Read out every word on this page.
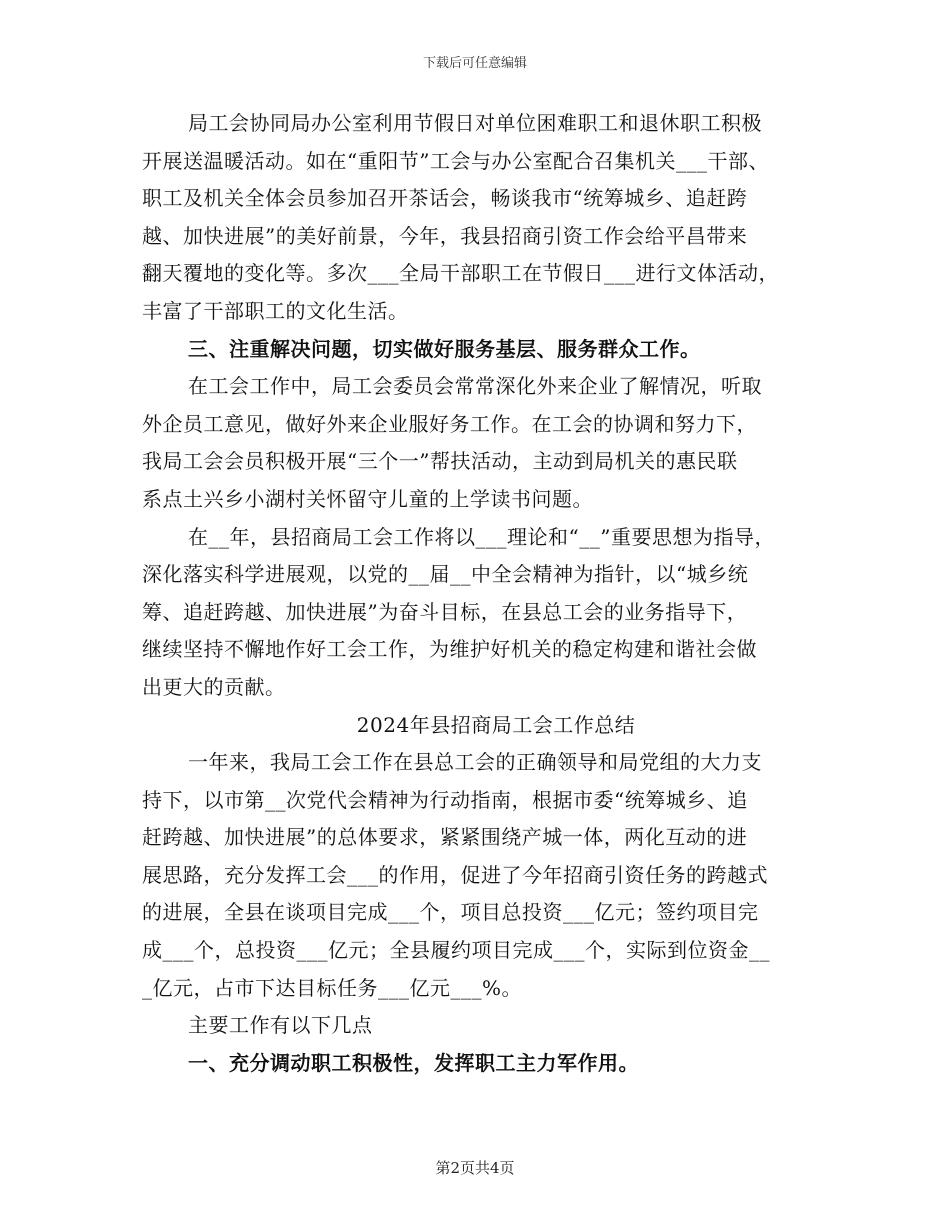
下载后可任意编辑
局工会协同局办公室利用节假日对单位困难职工和退休职工积极
开展送温暖活动。如在“重阳节”工会与办公室配合召集机关___干部、
职工及机关全体会员参加召开茶话会，畅谈我市“统筹城乡、追赶跨
越、加快进展”的美好前景，今年，我县招商引资工作会给平昌带来
翻天覆地的变化等。多次___全局干部职工在节假日___进行文体活动，
丰富了干部职工的文化生活。
三、注重解决问题，切实做好服务基层、服务群众工作。
在工会工作中，局工会委员会常常深化外来企业了解情况，听取
外企员工意见，做好外来企业服好务工作。在工会的协调和努力下，
我局工会会员积极开展“三个一”帮扶活动，主动到局机关的惠民联
系点土兴乡小湖村关怀留守儿童的上学读书问题。
在__年，县招商局工会工作将以___理论和“__”重要思想为指导，
深化落实科学进展观，以党的__届__中全会精神为指针，以“城乡统
筹、追赶跨越、加快进展”为奋斗目标，在县总工会的业务指导下，
继续坚持不懈地作好工会工作，为维护好机关的稳定构建和谐社会做
出更大的贡献。
2024年县招商局工会工作总结
一年来，我局工会工作在县总工会的正确领导和局党组的大力支
持下，以市第__次党代会精神为行动指南，根据市委“统筹城乡、追
赶跨越、加快进展”的总体要求，紧紧围绕产城一体，两化互动的进
展思路，充分发挥工会___的作用，促进了今年招商引资任务的跨越式
的进展，全县在谈项目完成___个，项目总投资___亿元；签约项目完
成___个，总投资___亿元；全县履约项目完成___个，实际到位资金__
_亿元，占市下达目标任务___亿元___%。
主要工作有以下几点
一、充分调动职工积极性，发挥职工主力军作用。
第2页共4页
